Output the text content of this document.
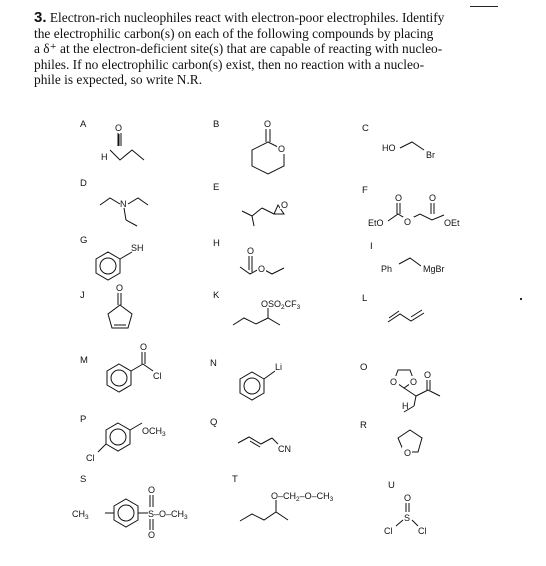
3. Electron-rich nucleophiles react with electron-poor electrophiles. Identify

the electrophilic carbon(s) on each of the following compounds by placing

a δ⁺ at the electron-deficient site(s) that are capable of reacting with nucleo-

philes. If no electrophilic carbon(s) exist, then no reaction with a nucleo-

phile is expected, so write N.R.

A	O
H
B	O
O
C
HO
Br
D
N
E
O
F
EtO
O
O
O
OEt
G
SH	H
O
O
I
Ph	MgBr
J
O
K
$OSO_2CF_3$
L
M
O
Cl
N	Li	O
O O
O
H
P
$OCH_3$
Cl
Q
CN
R
O
S
$CH_3$
O
O
$S-O-CH_3$
T
$O-CH_2-O-CH_3$
U
O
S
Cl	Cl
